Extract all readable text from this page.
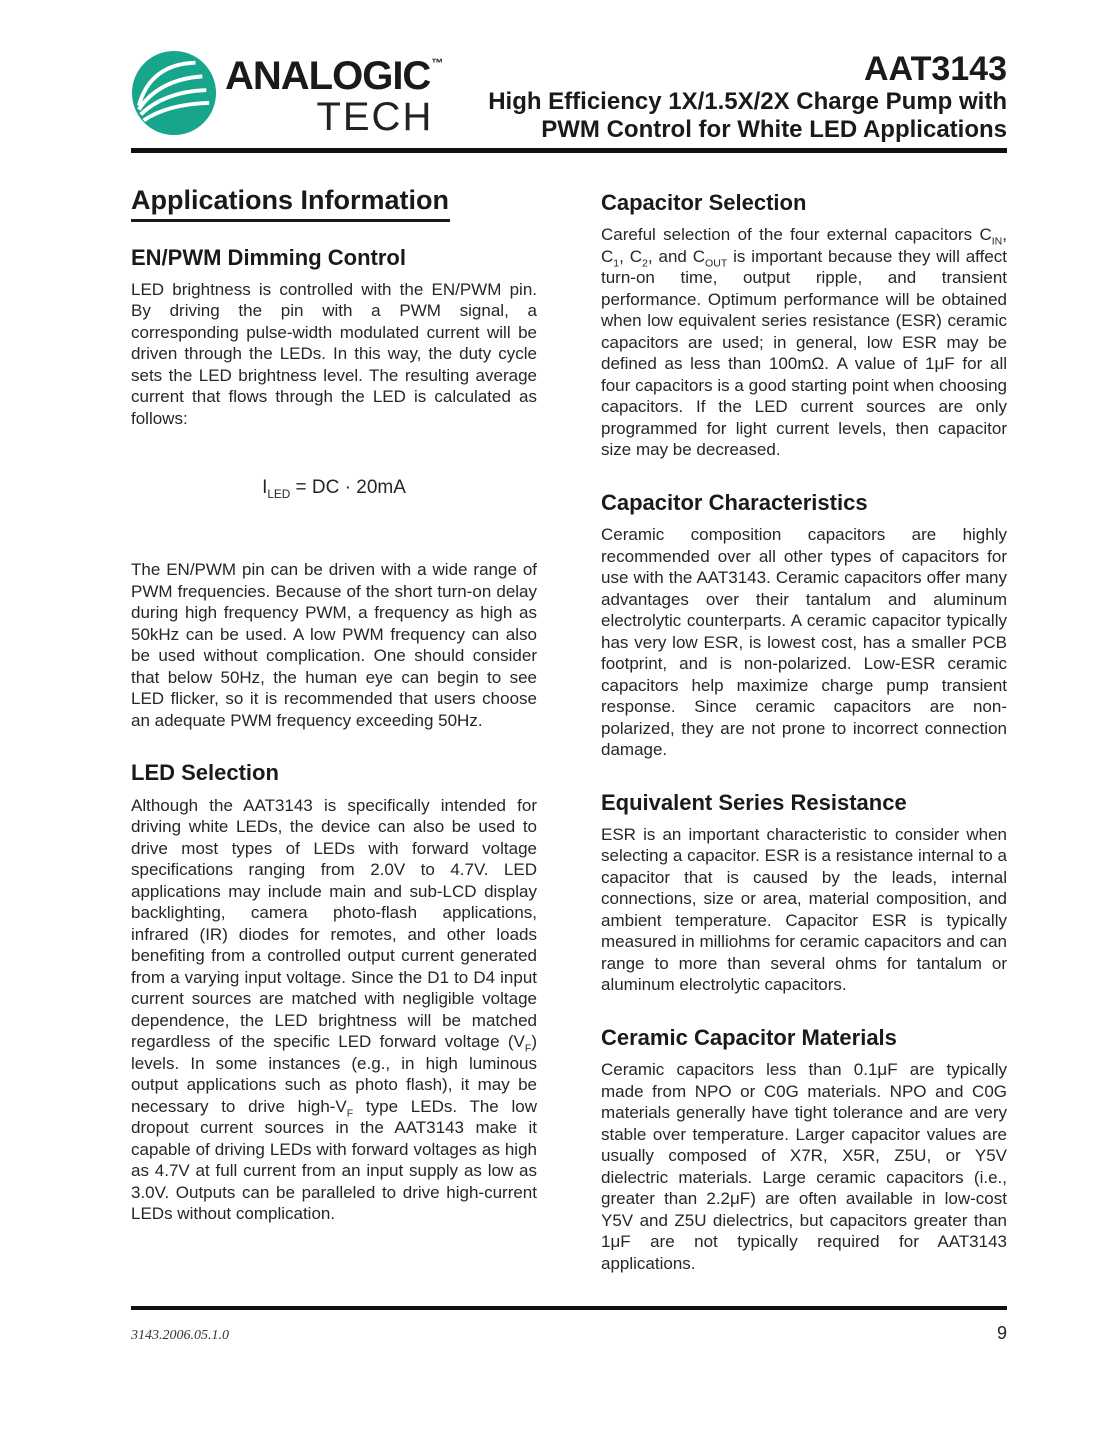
ANALOGIC™
TECH
AAT3143
High Efficiency 1X/1.5X/2X Charge Pump with
PWM Control for White LED Applications
Applications Information
EN/PWM Dimming Control

LED brightness is controlled with the EN/PWM pin. By driving the pin with a PWM signal, a corresponding pulse-width modulated current will be driven through the LEDs. In this way, the duty cycle sets the LED brightness level. The resulting average current that flows through the LED is calculated as follows:

$I_{LED}$ = DC · 20mA

The EN/PWM pin can be driven with a wide range of PWM frequencies. Because of the short turn-on delay during high frequency PWM, a frequency as high as 50kHz can be used. A low PWM frequency can also be used without complication. One should consider that below 50Hz, the human eye can begin to see LED flicker, so it is recommended that users choose an adequate PWM frequency exceeding 50Hz.

LED Selection

Although the AAT3143 is specifically intended for driving white LEDs, the device can also be used to drive most types of LEDs with forward voltage specifications ranging from 2.0V to 4.7V. LED applications may include main and sub-LCD display backlighting, camera photo-flash applications, infrared (IR) diodes for remotes, and other loads benefiting from a controlled output current generated from a varying input voltage. Since the D1 to D4 input current sources are matched with negligible voltage dependence, the LED brightness will be matched regardless of the specific LED forward voltage $(V_F)$ levels. In some instances (e.g., in high luminous output applications such as photo flash), it may be necessary to drive high-$V_F$ type LEDs. The low dropout current sources in the AAT3143 make it capable of driving LEDs with forward voltages as high as 4.7V at full current from an input supply as low as 3.0V. Outputs can be paralleled to drive high-current LEDs without complication.

Capacitor Selection

Careful selection of the four external capacitors $C_{IN}$, $C_1$, $C_2$, and $C_{OUT}$ is important because they will affect turn-on time, output ripple, and transient performance. Optimum performance will be obtained when low equivalent series resistance (ESR) ceramic capacitors are used; in general, low ESR may be defined as less than 100mΩ. A value of 1μF for all four capacitors is a good starting point when choosing capacitors. If the LED current sources are only programmed for light current levels, then capacitor size may be decreased.

Capacitor Characteristics

Ceramic composition capacitors are highly recommended over all other types of capacitors for use with the AAT3143. Ceramic capacitors offer many advantages over their tantalum and aluminum electrolytic counterparts. A ceramic capacitor typically has very low ESR, is lowest cost, has a smaller PCB footprint, and is non-polarized. Low-ESR ceramic capacitors help maximize charge pump transient response. Since ceramic capacitors are non-polarized, they are not prone to incorrect connection damage.

Equivalent Series Resistance

ESR is an important characteristic to consider when selecting a capacitor. ESR is a resistance internal to a capacitor that is caused by the leads, internal connections, size or area, material composition, and ambient temperature. Capacitor ESR is typically measured in milliohms for ceramic capacitors and can range to more than several ohms for tantalum or aluminum electrolytic capacitors.

Ceramic Capacitor Materials

Ceramic capacitors less than 0.1μF are typically made from NPO or C0G materials. NPO and C0G materials generally have tight tolerance and are very stable over temperature. Larger capacitor values are usually composed of X7R, X5R, Z5U, or Y5V dielectric materials. Large ceramic capacitors (i.e., greater than 2.2μF) are often available in low-cost Y5V and Z5U dielectrics, but capacitors greater than 1μF are not typically required for AAT3143 applications.

3143.2006.05.1.0	9
